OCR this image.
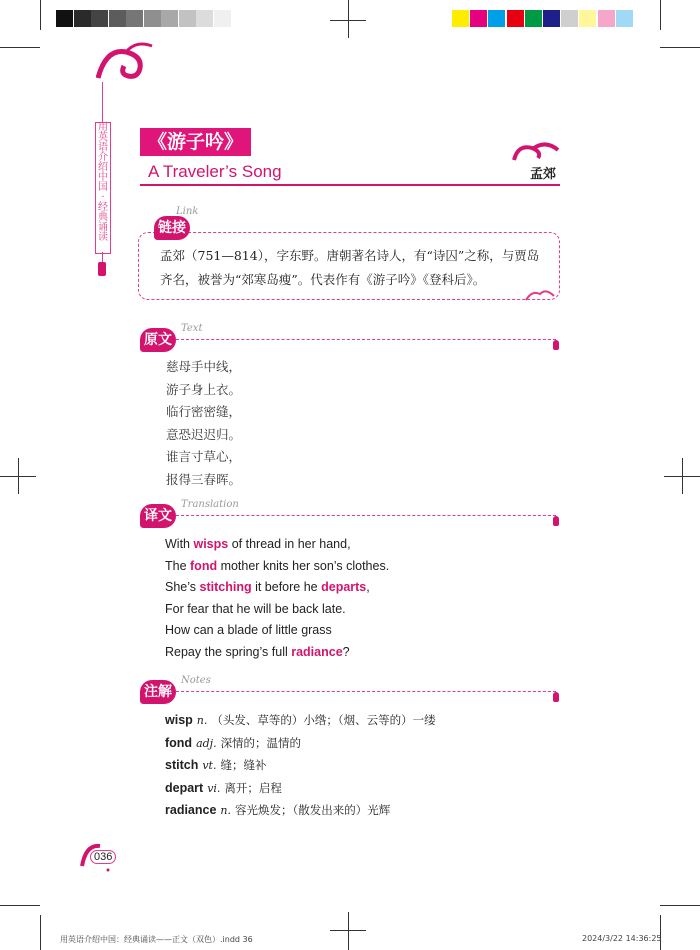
用
英
语
介
绍
中
国
·
经
典
诵
读
《游子吟》
A Traveler’s Song	孟郊
链接
Link
孟郊（751—814），字东野。唐朝著名诗人，有“诗囚”之称，与贾岛齐名，被誉为“郊寒岛瘦”。代表作有《游子吟》《登科后》。
原文
Text
慈母手中线，
游子身上衣。
临行密密缝，
意恐迟迟归。
谁言寸草心，
报得三春晖。
译文
Translation
With wisps of thread in her hand,
The fond mother knits her son’s clothes.
She’s stitching it before he departs,
For fear that he will be back late.
How can a blade of little grass
Repay the spring’s full radiance?
注解
Notes
wisp n. （头发、草等的）小绺；（烟、云等的）一缕
fond adj. 深情的；温情的
stitch vt. 缝；缝补
depart vi. 离开；启程
radiance n. 容光焕发；（散发出来的）光辉
036
用英语介绍中国：经典诵读——正文（双色）.indd 36	2024/3/22 14:36:25
